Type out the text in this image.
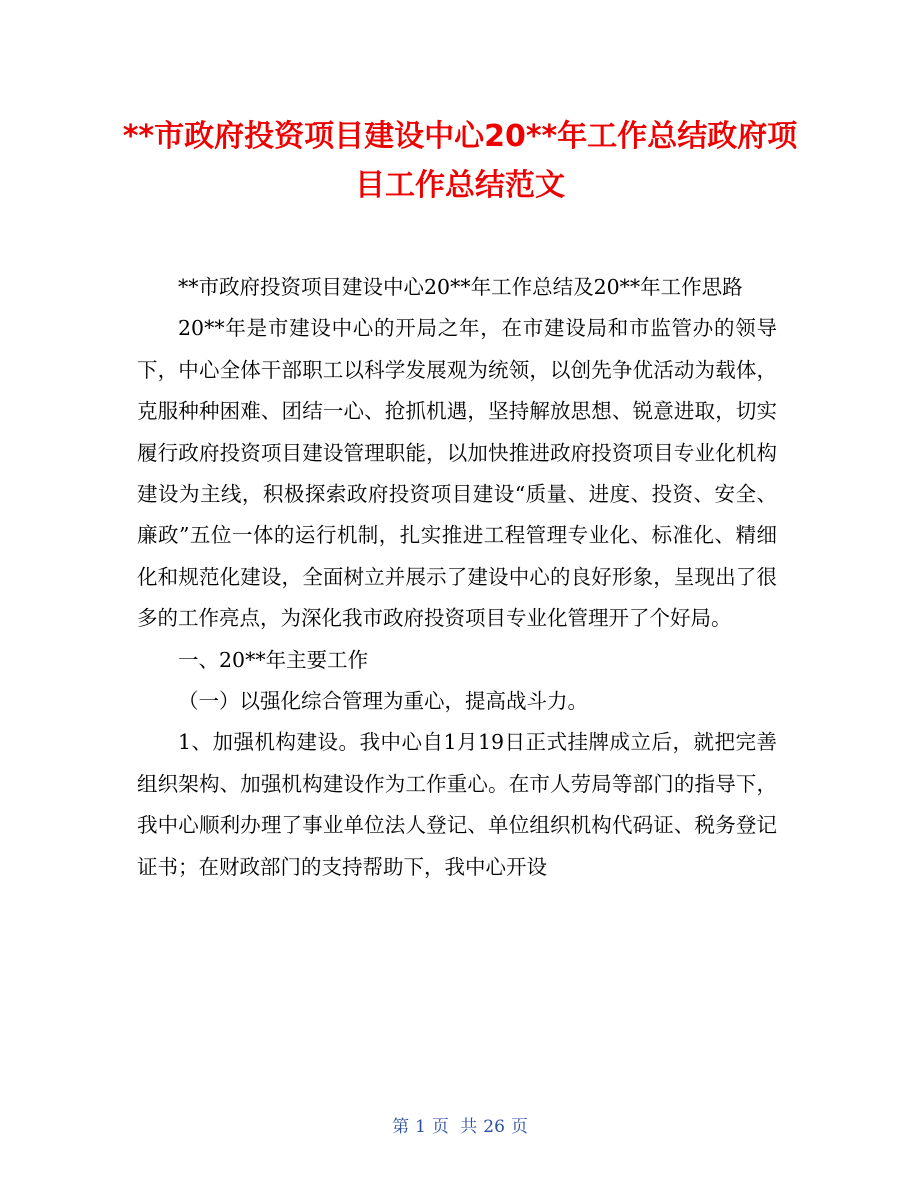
**市政府投资项目建设中心20**年工作总结政府项目工作总结范文

**市政府投资项目建设中心20**年工作总结及20**年工作思路

20**年是市建设中心的开局之年，在市建设局和市监管办的领导下，中心全体干部职工以科学发展观为统领，以创先争优活动为载体，克服种种困难、团结一心、抢抓机遇，坚持解放思想、锐意进取，切实履行政府投资项目建设管理职能，以加快推进政府投资项目专业化机构建设为主线，积极探索政府投资项目建设“质量、进度、投资、安全、廉政”五位一体的运行机制，扎实推进工程管理专业化、标准化、精细化和规范化建设，全面树立并展示了建设中心的良好形象，呈现出了很多的工作亮点，为深化我市政府投资项目专业化管理开了个好局。

一、20**年主要工作

（一）以强化综合管理为重心，提高战斗力。

1、加强机构建设。我中心自1月19日正式挂牌成立后，就把完善组织架构、加强机构建设作为工作重心。在市人劳局等部门的指导下，我中心顺利办理了事业单位法人登记、单位组织机构代码证、税务登记证书；在财政部门的支持帮助下，我中心开设

第 1 页 共 26 页
